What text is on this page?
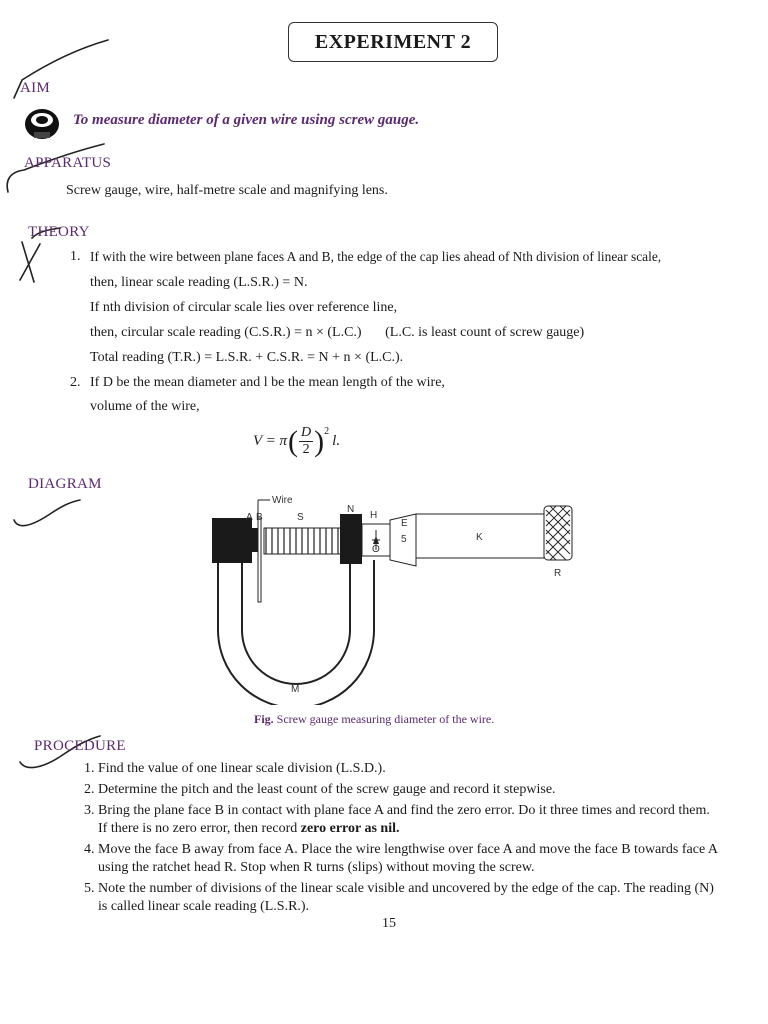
EXPERIMENT 2
AIM
To measure diameter of a given wire using screw gauge.
APPARATUS
Screw gauge, wire, half-metre scale and magnifying lens.
THEORY
1. If with the wire between plane faces A and B, the edge of the cap lies ahead of Nth division of linear scale,
then, linear scale reading (L.S.R.) = N.
If nth division of circular scale lies over reference line,
then, circular scale reading (C.S.R.) = n × (L.C.) (L.C. is least count of screw gauge)
Total reading (T.R.) = L.S.R. + C.S.R. = N + n × (L.C.).
2. If D be the mean diameter and l be the mean length of the wire,
volume of the wire,
V = π ( $\frac{D}{2} )^2$
l.
DIAGRAM
Wire
A B	S
N
H
O
E
5	K
R
M
Fig. Screw gauge measuring diameter of the wire.
PROCEDURE
1. Find the value of one linear scale division (L.S.D.).
2. Determine the pitch and the least count of the screw gauge and record it stepwise.
3. Bring the plane face B in contact with plane face A and find the zero error. Do it three times and record them.
If there is no zero error, then record zero error as nil.
4. Move the face B away from face A. Place the wire lengthwise over face A and move the face B towards face A
using the ratchet head R. Stop when R turns (slips) without moving the screw.
5. Note the number of divisions of the linear scale visible and uncovered by the edge of the cap. The reading (N)
is called linear scale reading (L.S.R.).
15
